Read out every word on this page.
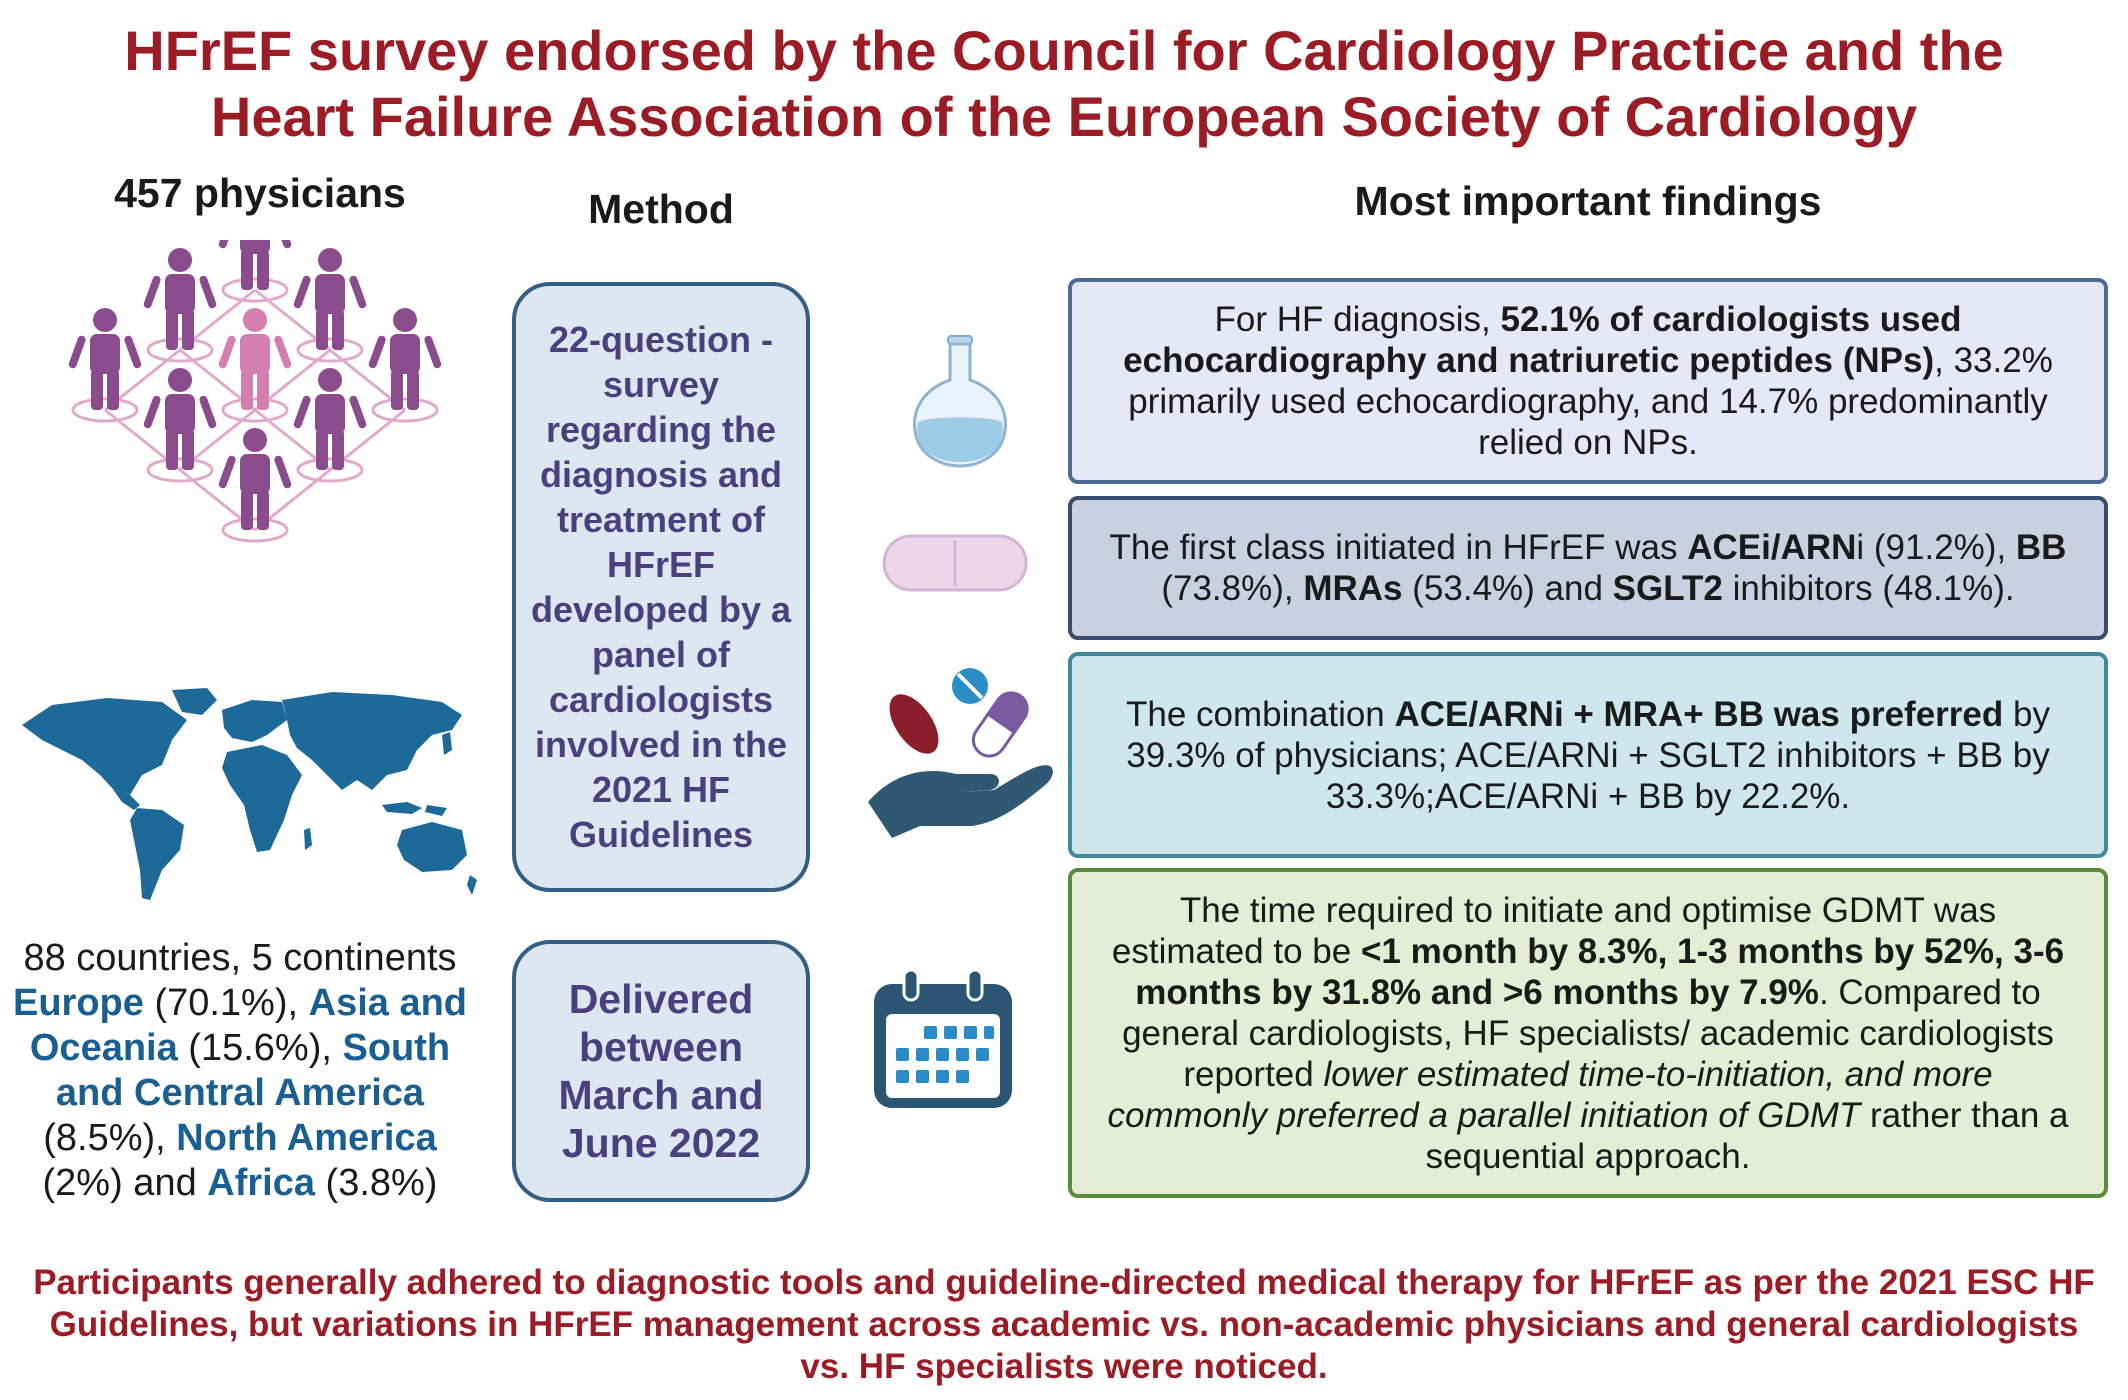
HFrEF survey endorsed by the Council for Cardiology Practice and the
Heart Failure Association of the European Society of Cardiology
457 physicians
88 countries, 5 continents
Europe (70.1%), Asia and Oceania (15.6%), South and Central America (8.5%), North America (2%) and Africa (3.8%)
Method
22-question - survey regarding the diagnosis and treatment of HFrEF developed by a panel of cardiologists involved in the 2021 HF Guidelines
Delivered between March and June 2022
Most important findings

For HF diagnosis, 52.1% of cardiologists used echocardiography and natriuretic peptides (NPs), 33.2% primarily used echocardiography, and 14.7% predominantly relied on NPs.

The first class initiated in HFrEF was ACEi/ARNi (91.2%), BB (73.8%), MRAs (53.4%) and SGLT2 inhibitors (48.1%).

The combination ACE/ARNi + MRA+ BB was preferred by 39.3% of physicians; ACE/ARNi + SGLT2 inhibitors + BB by 33.3%;ACE/ARNi + BB by 22.2%.

The time required to initiate and optimise GDMT was estimated to be <1 month by 8.3%, 1-3 months by 52%, 3-6 months by 31.8% and >6 months by 7.9%. Compared to general cardiologists, HF specialists/ academic cardiologists reported lower estimated time-to-initiation, and more commonly preferred a parallel initiation of GDMT rather than a sequential approach.

Participants generally adhered to diagnostic tools and guideline-directed medical therapy for HFrEF as per the 2021 ESC HF Guidelines, but variations in HFrEF management across academic vs. non-academic physicians and general cardiologists vs. HF specialists were noticed.
